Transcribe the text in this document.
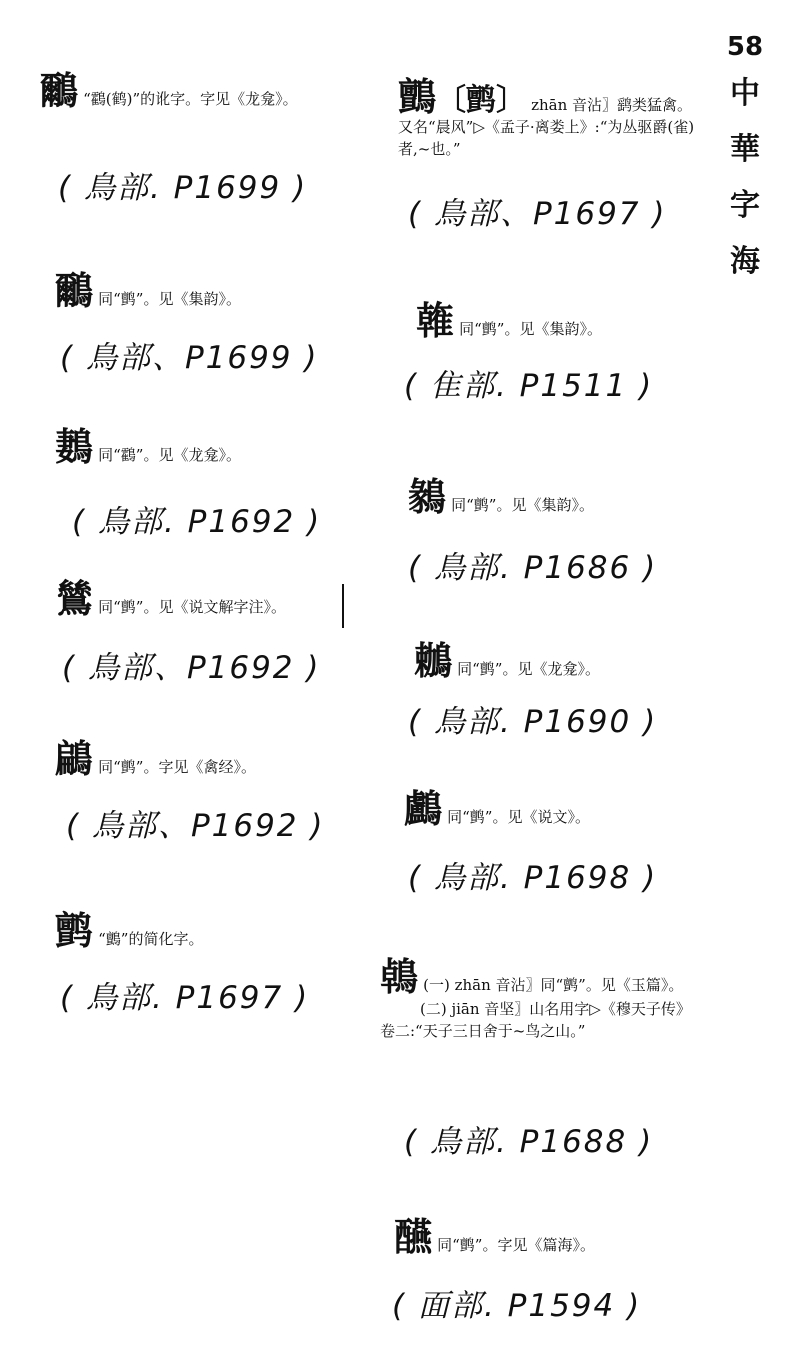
58
中
華
字
海
鸍 “鸖(鹤)”的讹字。字见《龙龛》。
( 鳥部. P1699 )
鸍 同“鹯”。见《集韵》。
( 鳥部、P1699 )
鶈 同“鸖”。见《龙龛》。
( 鳥部. P1692 )
鷥 同“鹯”。见《说文解字注》。
( 鳥部、P1692 )
鶣 同“鹯”。字见《禽经》。
( 鳥部、P1692 )
鹯 “鸇”的简化字。
( 鳥部. P1697 )
鸇〔鹯〕 zhān 音沾〗鹞类猛禽。又名“晨风”▷《孟子·离娄上》:“为丛驱爵(雀)者,~也。”
( 鳥部、P1697 )
雗 同“鹯”。见《集韵》。
( 隹部. P1511 )
鶨 同“鹯”。见《集韵》。
( 鳥部. P1686 )
鶒 同“鹯”。见《龙龛》。
( 鳥部. P1690 )
鸕 同“鹯”。见《说文》。
( 鳥部. P1698 )
鵫 (一) zhān 音沾〗同“鹯”。见《玉篇》。
(二) jiān 音坚〗山名用字▷《穆天子传》卷二:“天子三日舍于~鸟之山。”
( 鳥部. P1688 )
醼 同“鹯”。字见《篇海》。
( 面部. P1594 )
